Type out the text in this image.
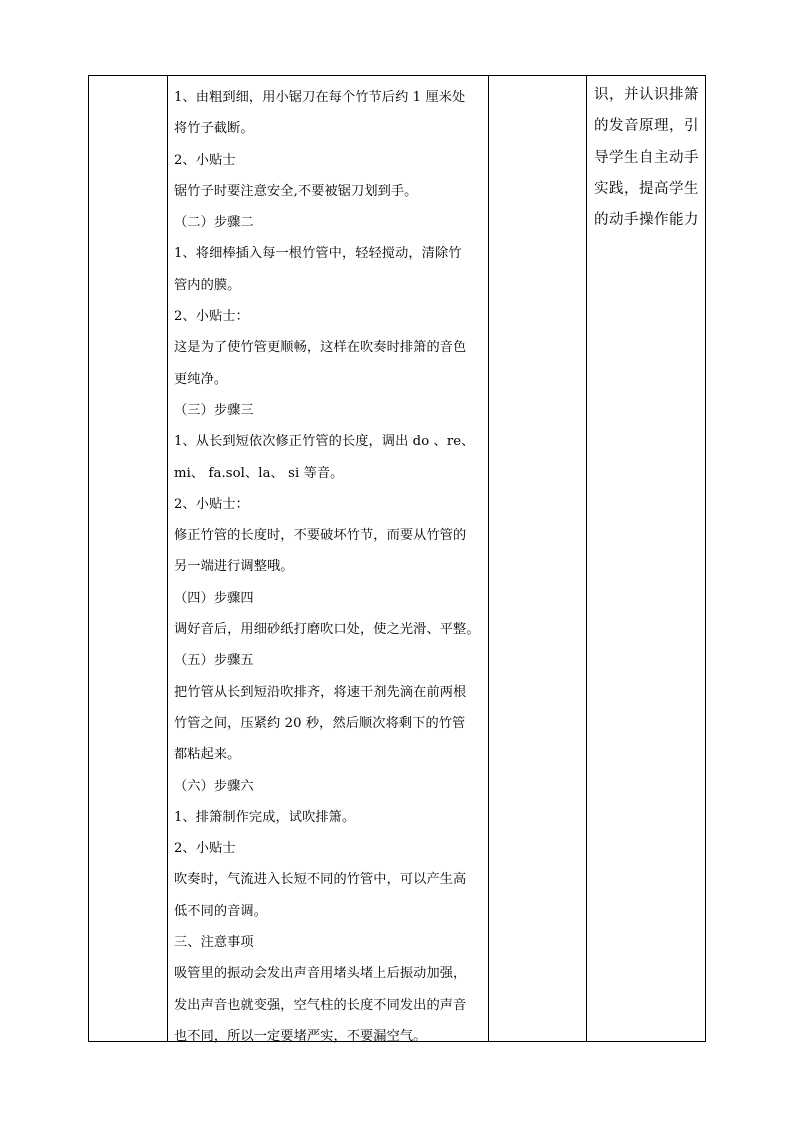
1、由粗到细，用小锯刀在每个竹节后约 1 厘米处
将竹子截断。
2、小贴士
锯竹子时要注意安全,不要被锯刀划到手。
（二）步骤二
1、将细棒插入每一根竹管中，轻轻搅动，清除竹
管内的膜。
2、小贴士：
这是为了使竹管更顺畅，这样在吹奏时排箫的音色
更纯净。
（三）步骤三
1、从长到短依次修正竹管的长度，调出 do 、re、
mi、 fa.sol、la、 si 等音。
2、小贴士：
修正竹管的长度时，不要破坏竹节，而要从竹管的
另一端进行调整哦。
（四）步骤四
调好音后，用细砂纸打磨吹口处，使之光滑、平整。
（五）步骤五
把竹管从长到短沿吹排齐，将速干剂先滴在前两根
竹管之间，压紧约 20 秒，然后顺次将剩下的竹管
都粘起来。
（六）步骤六
1、排箫制作完成，试吹排箫。
2、小贴士
吹奏时，气流进入长短不同的竹管中，可以产生高
低不同的音调。
三、注意事项
吸管里的振动会发出声音用堵头堵上后振动加强，
发出声音也就变强，空气柱的长度不同发出的声音
也不同，所以一定要堵严实，不要漏空气。
识，并认识排箫
的发音原理，引
导学生自主动手
实践，提高学生
的动手操作能力
